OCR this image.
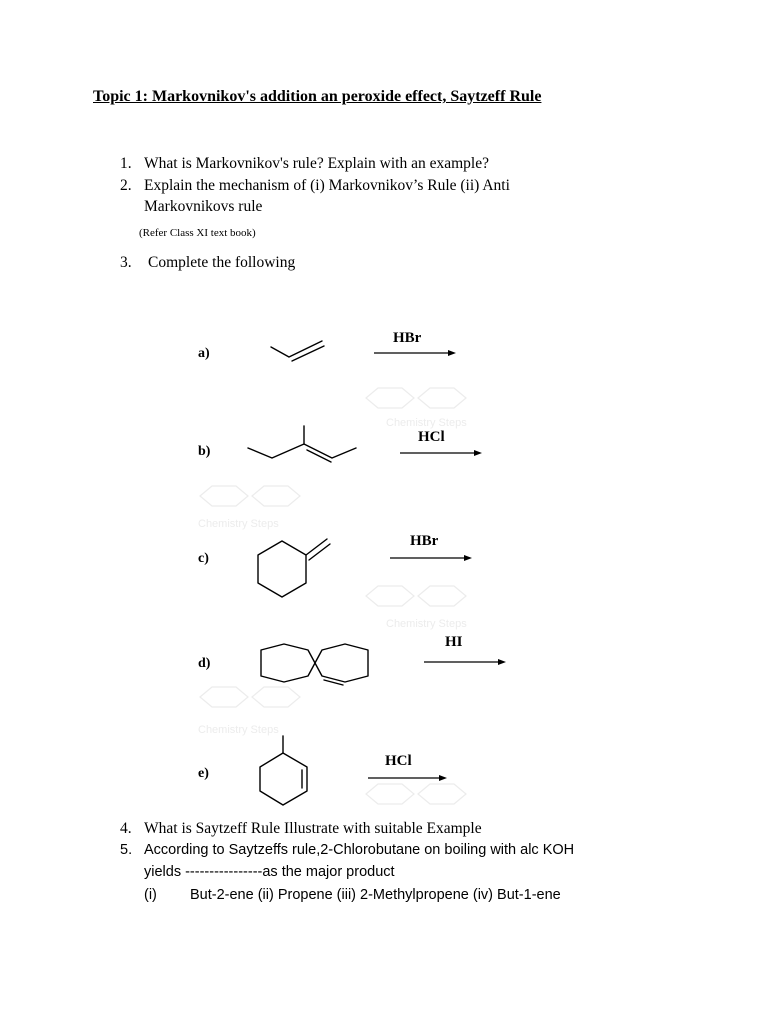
Topic 1: Markovnikov's addition an peroxide effect, Saytzeff Rule
1. What is Markovnikov's rule? Explain with an example?
2. Explain the mechanism of (i) Markovnikov’s Rule (ii) Anti
Markovnikovs rule
(Refer Class XI text book)
3. Complete the following
Chemistry Steps
Chemistry Steps
Chemistry Steps
Chemistry Steps
a)
b)
c)
d)
e)
HBr
HCl
HBr
HI
HCl
4. What is Saytzeff Rule Illustrate with suitable Example
5. According to Saytzeffs rule,2-Chlorobutane on boiling with alc KOH
yields ----------------as the major product
(i) But-2-ene (ii) Propene (iii) 2-Methylpropene (iv) But-1-ene
